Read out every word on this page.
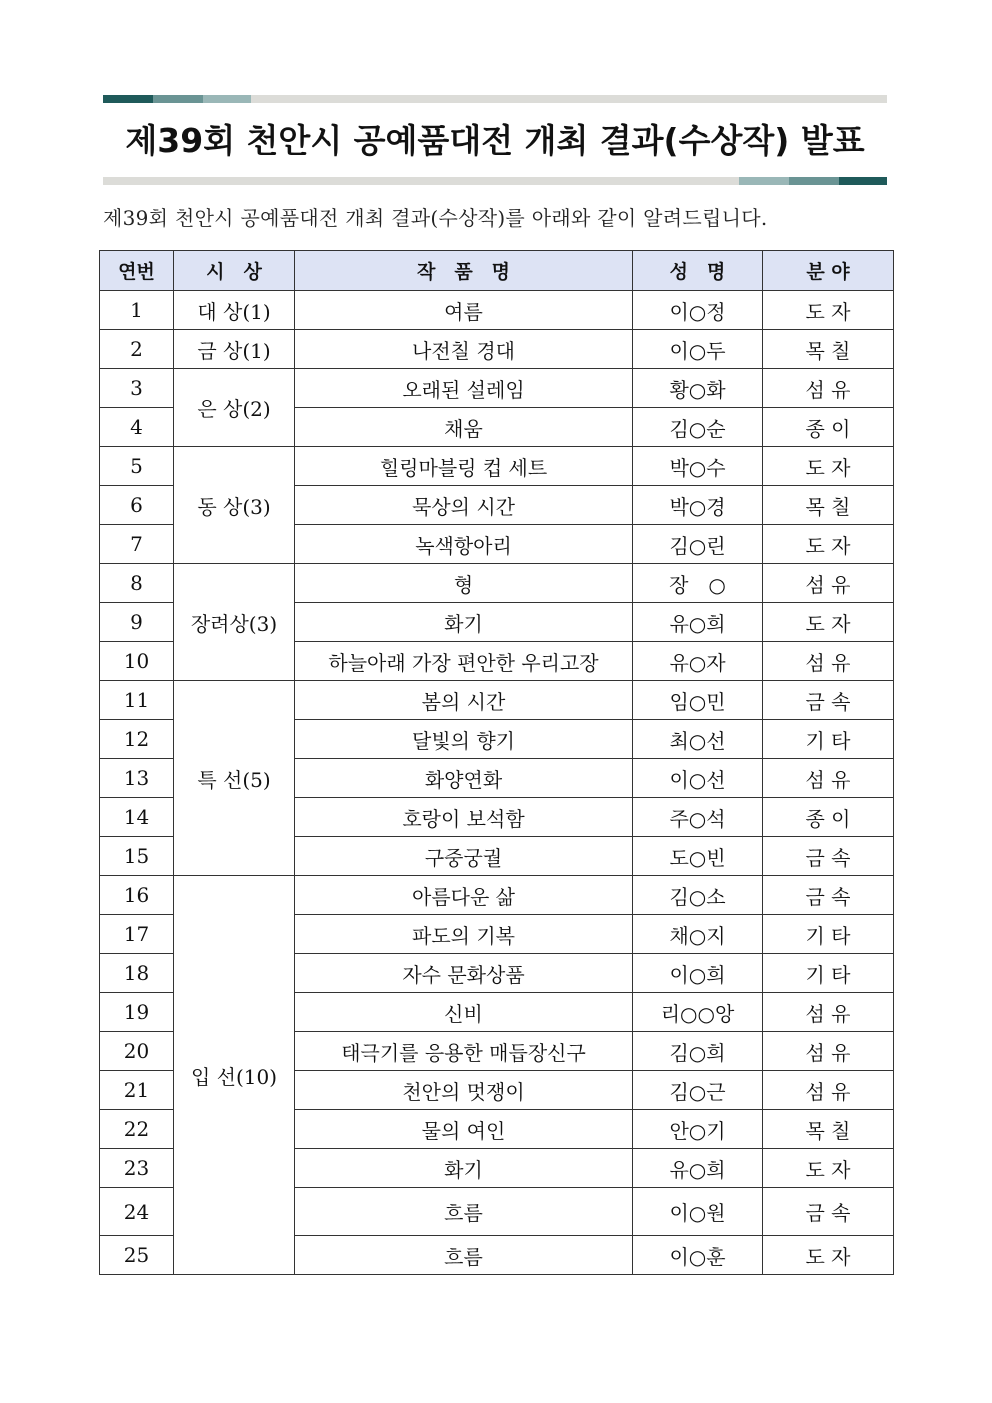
제39회 천안시 공예품대전 개최 결과(수상작) 발표
제39회 천안시 공예품대전 개최 결과(수상작)를 아래와 같이 알려드립니다.
연번	시　상	작　품　명	성　명	분 야
1	대 상(1)	여름	이○정	도 자
2	금 상(1)	나전칠 경대	이○두	목 칠
3	은 상(2)	오래된 설레임	황○화	섬 유
4		채움	김○순	종 이
5	동 상(3)	힐링마블링 컵 세트	박○수	도 자
6		묵상의 시간	박○경	목 칠
7		녹색항아리	김○린	도 자
8	장려상(3)	형	장　○	섬 유
9		화기	유○희	도 자
10		하늘아래 가장 편안한 우리고장	유○자	섬 유
11	특 선(5)	봄의 시간	임○민	금 속
12		달빛의 향기	최○선	기 타
13		화양연화	이○선	섬 유
14		호랑이 보석함	주○석	종 이
15		구중궁궐	도○빈	금 속
16	입 선(10)	아름다운 삶	김○소	금 속
17		파도의 기복	채○지	기 타
18		자수 문화상품	이○희	기 타
19		신비	리○○앙	섬 유
20		태극기를 응용한 매듭장신구	김○희	섬 유
21		천안의 멋쟁이	김○근	섬 유
22		물의 여인	안○기	목 칠
23		화기	유○희	도 자
24		흐름	이○원	금 속
25		흐름	이○훈	도 자
